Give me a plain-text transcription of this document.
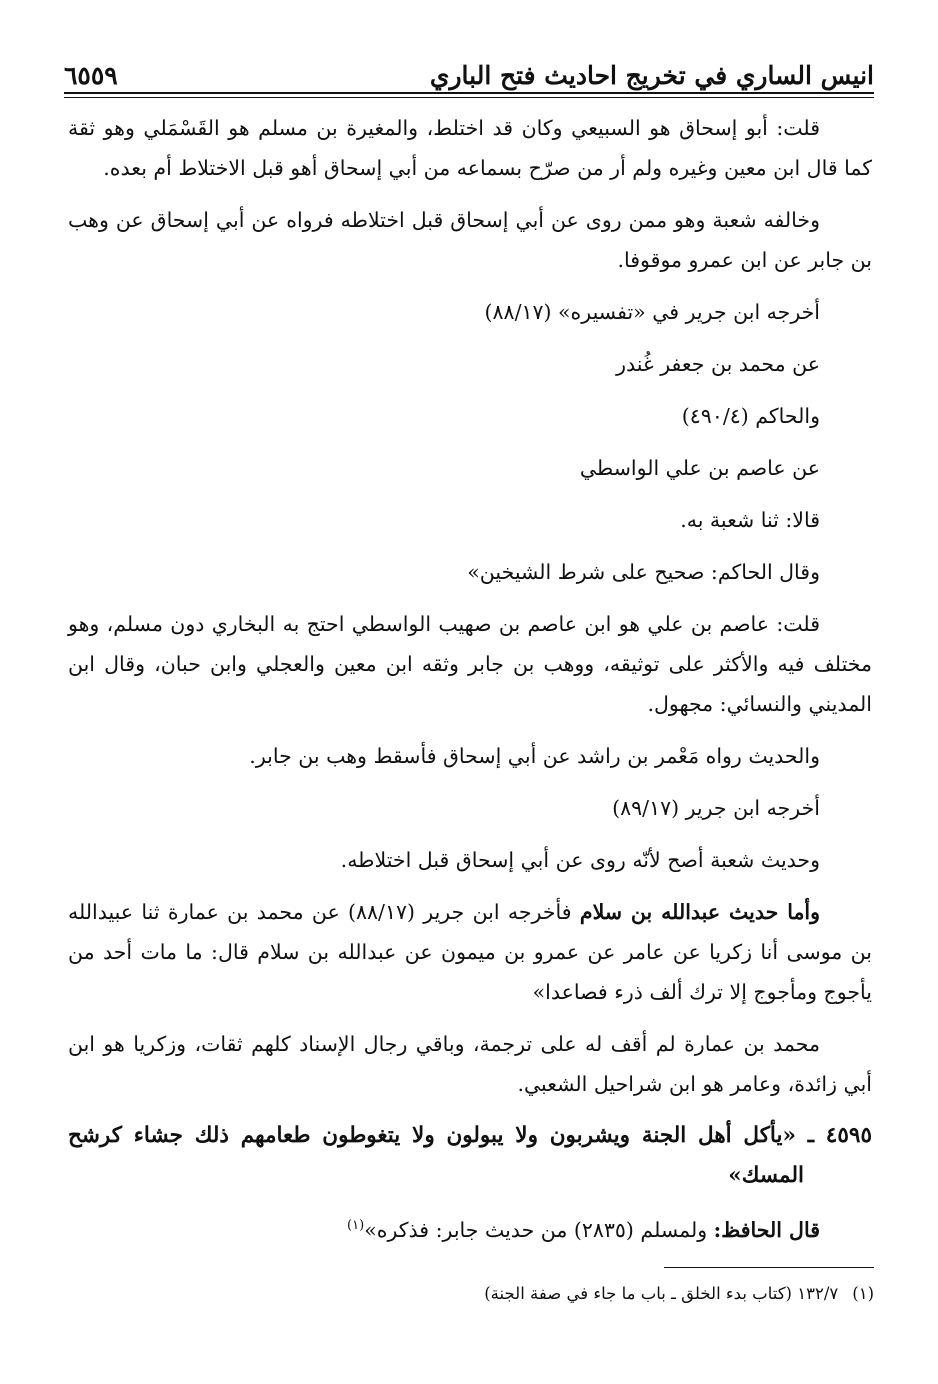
انيس الساري في تخريج احاديث فتح الباري
٦٥٥٩

قلت: أبو إسحاق هو السبيعي وكان قد اختلط، والمغيرة بن مسلم هو القَسْمَلي وهو ثقة كما قال ابن معين وغيره ولم أر من صرّح بسماعه من أبي إسحاق أهو قبل الاختلاط أم بعده.

وخالفه شعبة وهو ممن روى عن أبي إسحاق قبل اختلاطه فرواه عن أبي إسحاق عن وهب بن جابر عن ابن عمرو موقوفا.

أخرجه ابن جرير في «تفسيره» (٨٨/١٧)

عن محمد بن جعفر غُندر

والحاكم (٤٩٠/٤)

عن عاصم بن علي الواسطي

قالا: ثنا شعبة به.

وقال الحاكم: صحيح على شرط الشيخين»

قلت: عاصم بن علي هو ابن عاصم بن صهيب الواسطي احتج به البخاري دون مسلم، وهو مختلف فيه والأكثر على توثيقه، ووهب بن جابر وثقه ابن معين والعجلي وابن حبان، وقال ابن المديني والنسائي: مجهول.

والحديث رواه مَعْمر بن راشد عن أبي إسحاق فأسقط وهب بن جابر.

أخرجه ابن جرير (٨٩/١٧)

وحديث شعبة أصح لأنّه روى عن أبي إسحاق قبل اختلاطه.

وأما حديث عبدالله بن سلام فأخرجه ابن جرير (٨٨/١٧) عن محمد بن عمارة ثنا عبيدالله بن موسى أنا زكريا عن عامر عن عمرو بن ميمون عن عبدالله بن سلام قال: ما مات أحد من يأجوج ومأجوج إلا ترك ألف ذرء فصاعدا»

محمد بن عمارة لم أقف له على ترجمة، وباقي رجال الإسناد كلهم ثقات، وزكريا هو ابن أبي زائدة، وعامر هو ابن شراحيل الشعبي.

٤٥٩٥ ـ «يأكل أهل الجنة ويشربون ولا يبولون ولا يتغوطون طعامهم ذلك جشاء كرشح المسك»

قال الحافظ: ولمسلم (٢٨٣٥) من حديث جابر: فذكره»$^{(١)}$

(١)١٣٢/٧ (كتاب بدء الخلق ـ باب ما جاء في صفة الجنة)
